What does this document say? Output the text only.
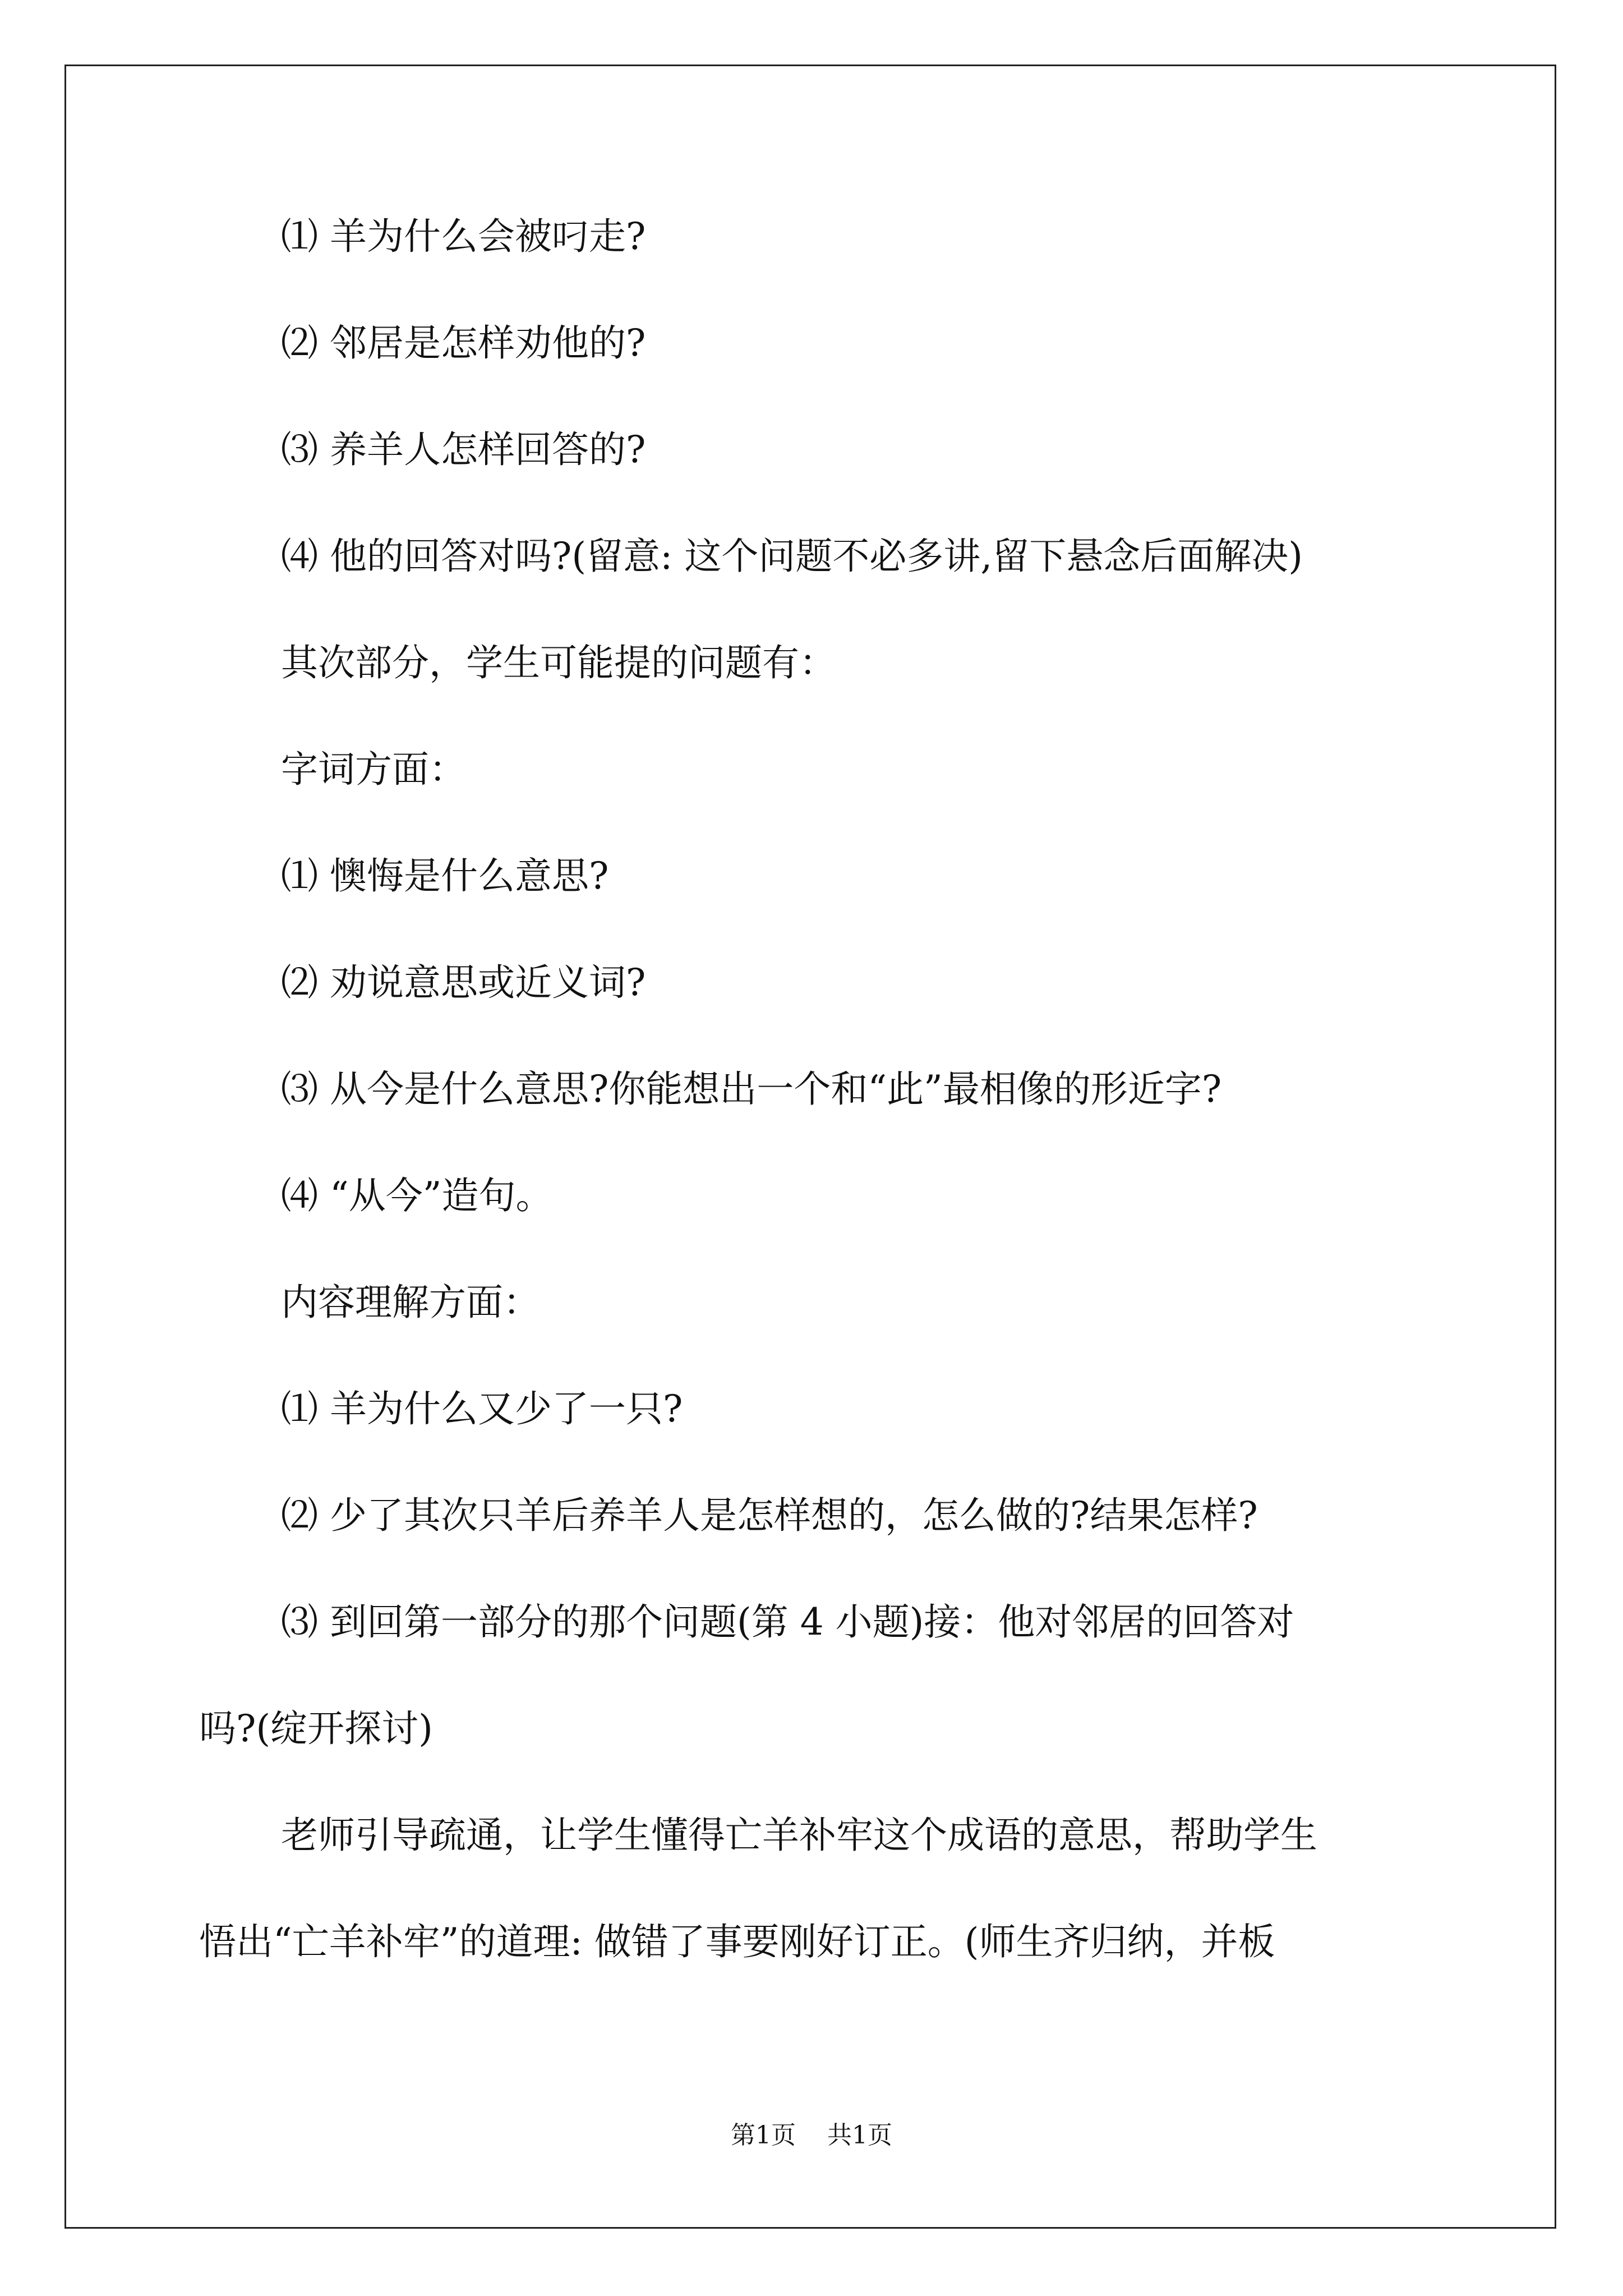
⑴ 羊为什么会被叼走?
⑵ 邻居是怎样劝他的?
⑶ 养羊人怎样回答的?
⑷ 他的回答对吗?(留意: 这个问题不必多讲,留下悬念后面解决)
其次部分，学生可能提的问题有：
字词方面：
⑴ 懊悔是什么意思?
⑵ 劝说意思或近义词?
⑶ 从今是什么意思?你能想出一个和“此”最相像的形近字?
⑷ “从今”造句。
内容理解方面：
⑴ 羊为什么又少了一只?
⑵ 少了其次只羊后养羊人是怎样想的，怎么做的?结果怎样?
⑶ 到回第一部分的那个问题(第 4 小题)接：他对邻居的回答对
吗?(绽开探讨)
老师引导疏通，让学生懂得亡羊补牢这个成语的意思，帮助学生
悟出“亡羊补牢”的道理: 做错了事要刚好订正。(师生齐归纳，并板
第1页    共1页
